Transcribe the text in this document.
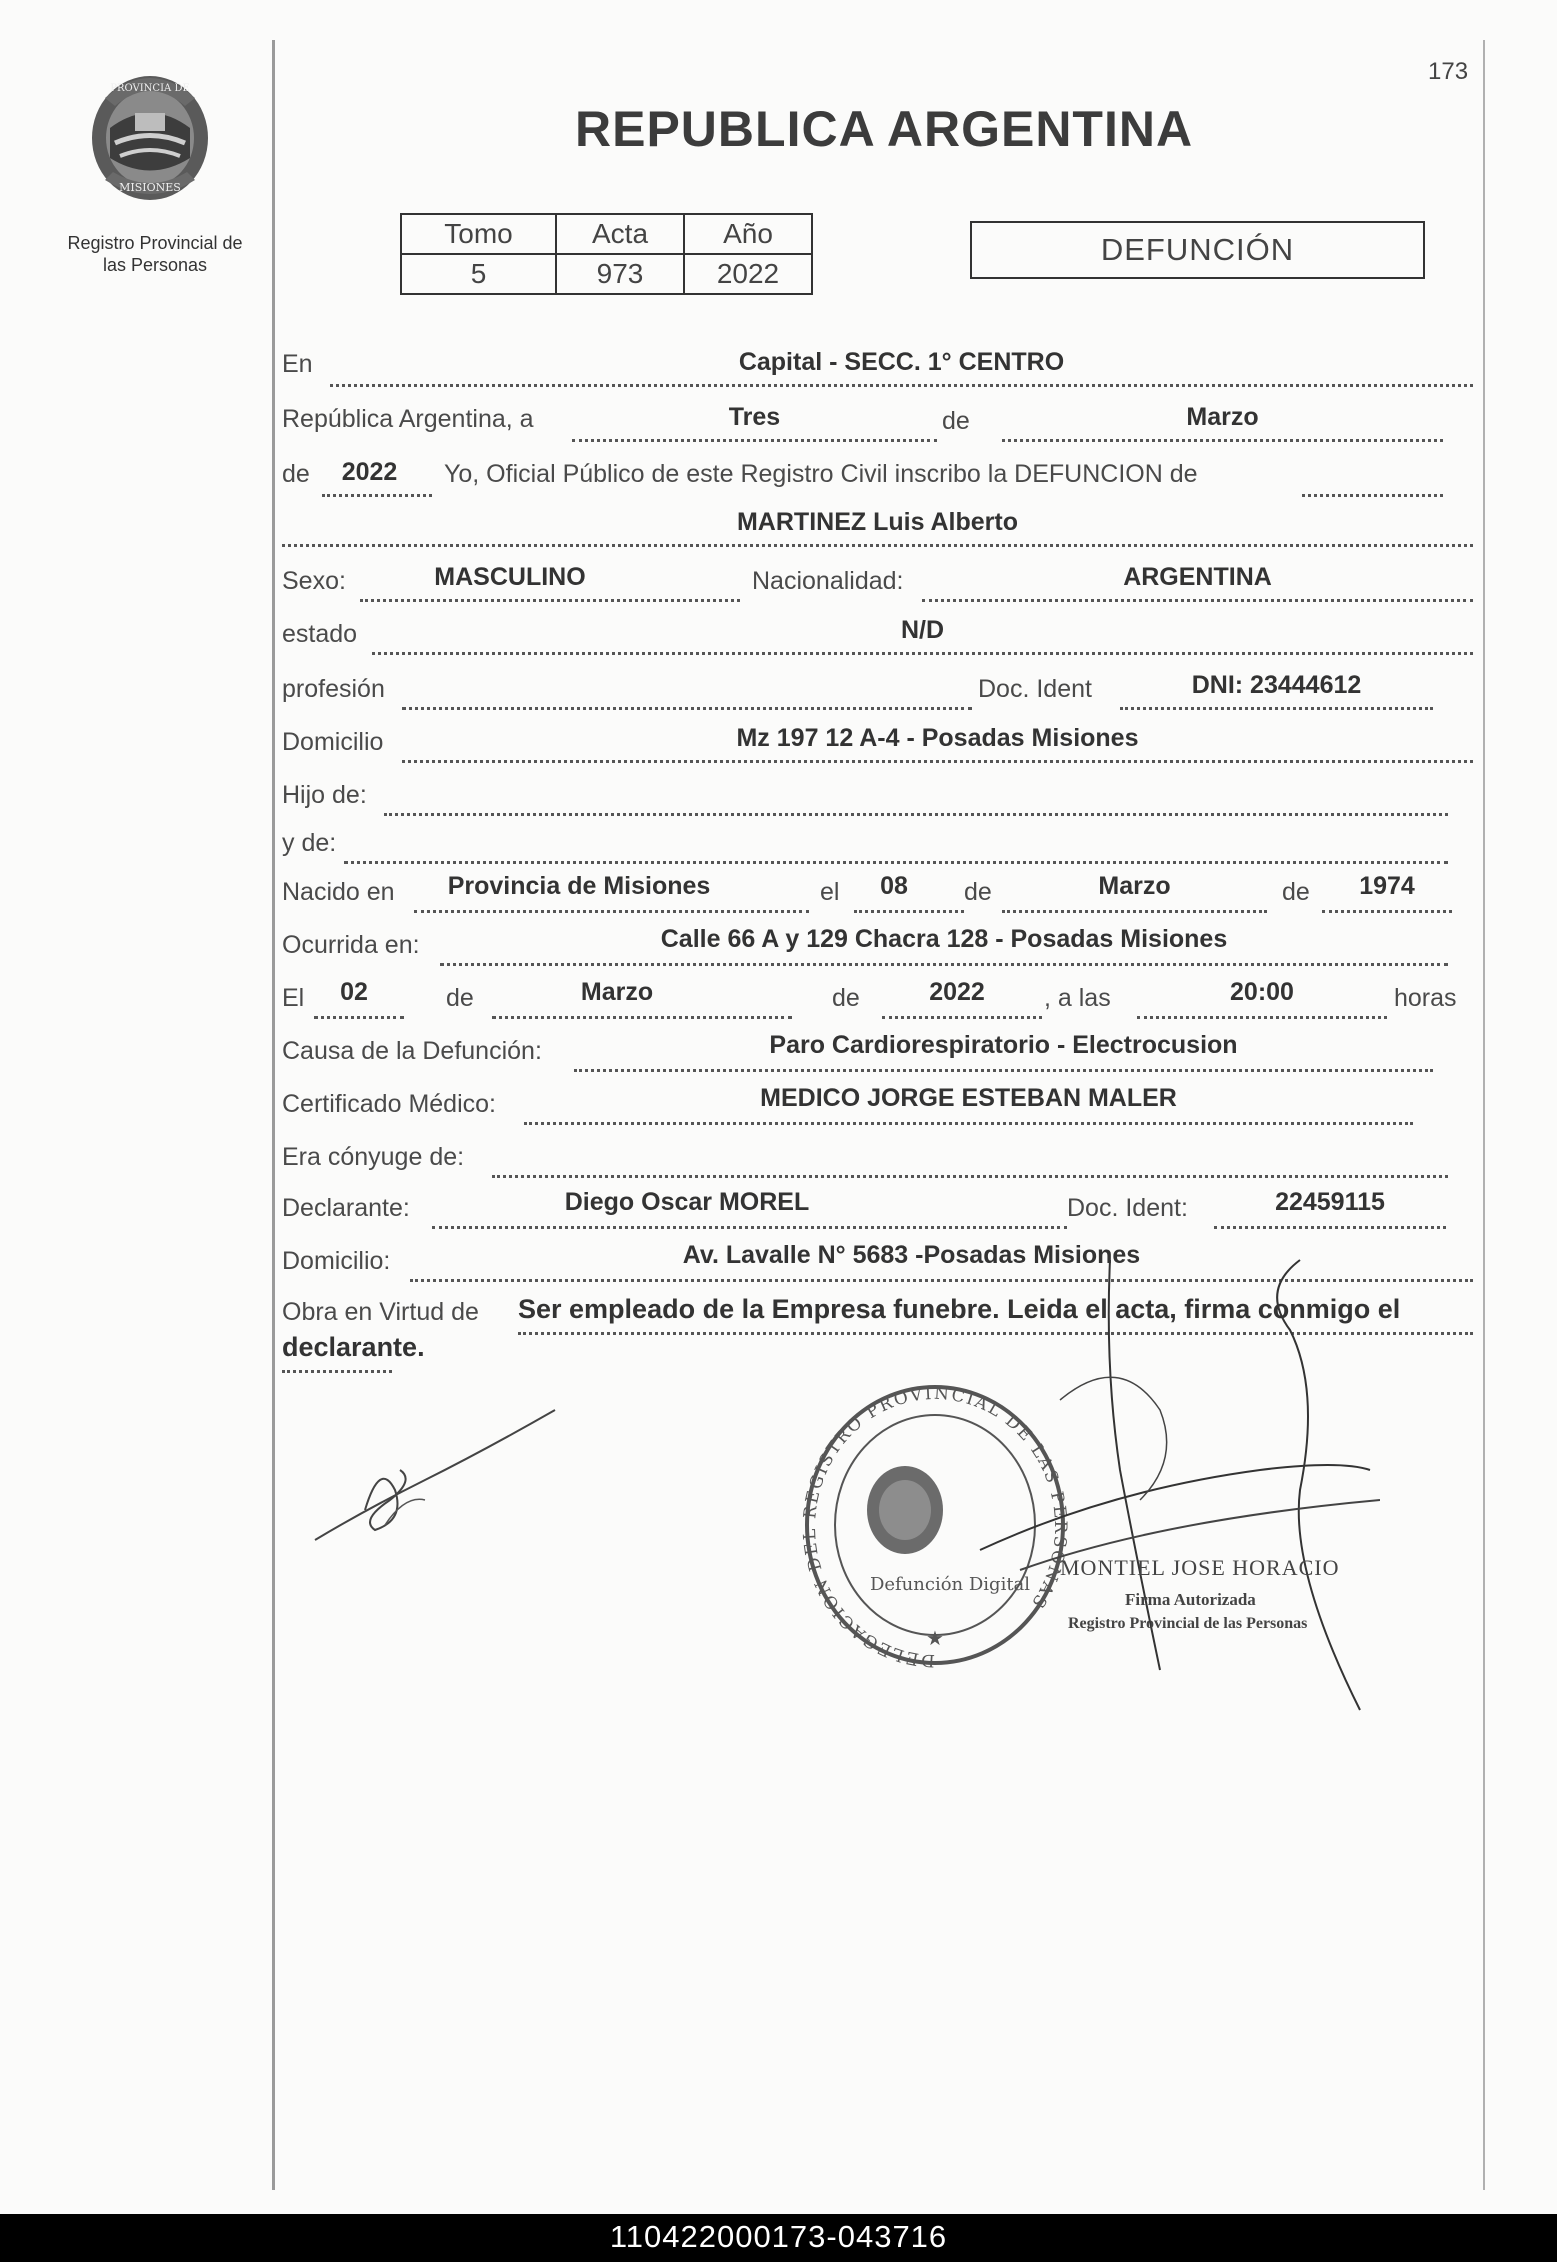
173
PROVINCIA DE
MISIONES
Registro Provincial de
las Personas
REPUBLICA ARGENTINA
Tomo	Acta	Año
5	973	2022
DEFUNCIÓN
En	Capital - SECC. 1° CENTRO
República Argentina, a	Tres	de	Marzo
de	2022	Yo, Oficial Público de este Registro Civil inscribo la DEFUNCION de
MARTINEZ Luis Alberto
Sexo:	MASCULINO	Nacionalidad:	ARGENTINA
estado	N/D
profesión	Doc. Ident	DNI: 23444612
Domicilio	Mz 197 12 A-4 - Posadas Misiones
Hijo de:
y de:
Nacido en	Provincia de Misiones	el	08	de	Marzo	de	1974
Ocurrida en:	Calle 66 A y 129 Chacra 128 - Posadas Misiones
El	02	de	Marzo	de	2022	, a las	20:00	horas
Causa de la Defunción:	Paro Cardiorespiratorio - Electrocusion
Certificado Médico:	MEDICO JORGE ESTEBAN MALER
Era cónyuge de:
Declarante:	Diego Oscar MOREL	Doc. Ident:	22459115
Domicilio:	Av. Lavalle N° 5683 -Posadas Misiones
Obra en Virtud de Ser empleado de la Empresa funebre. Leida el acta, firma conmigo el
declarante.
DELEGACION DEL REGISTRO PROVINCIAL DE LAS PERSONAS
Defunción Digital
★
MONTIEL JOSE HORACIO
Firma Autorizada
Registro Provincial de las Personas
110422000173-043716
